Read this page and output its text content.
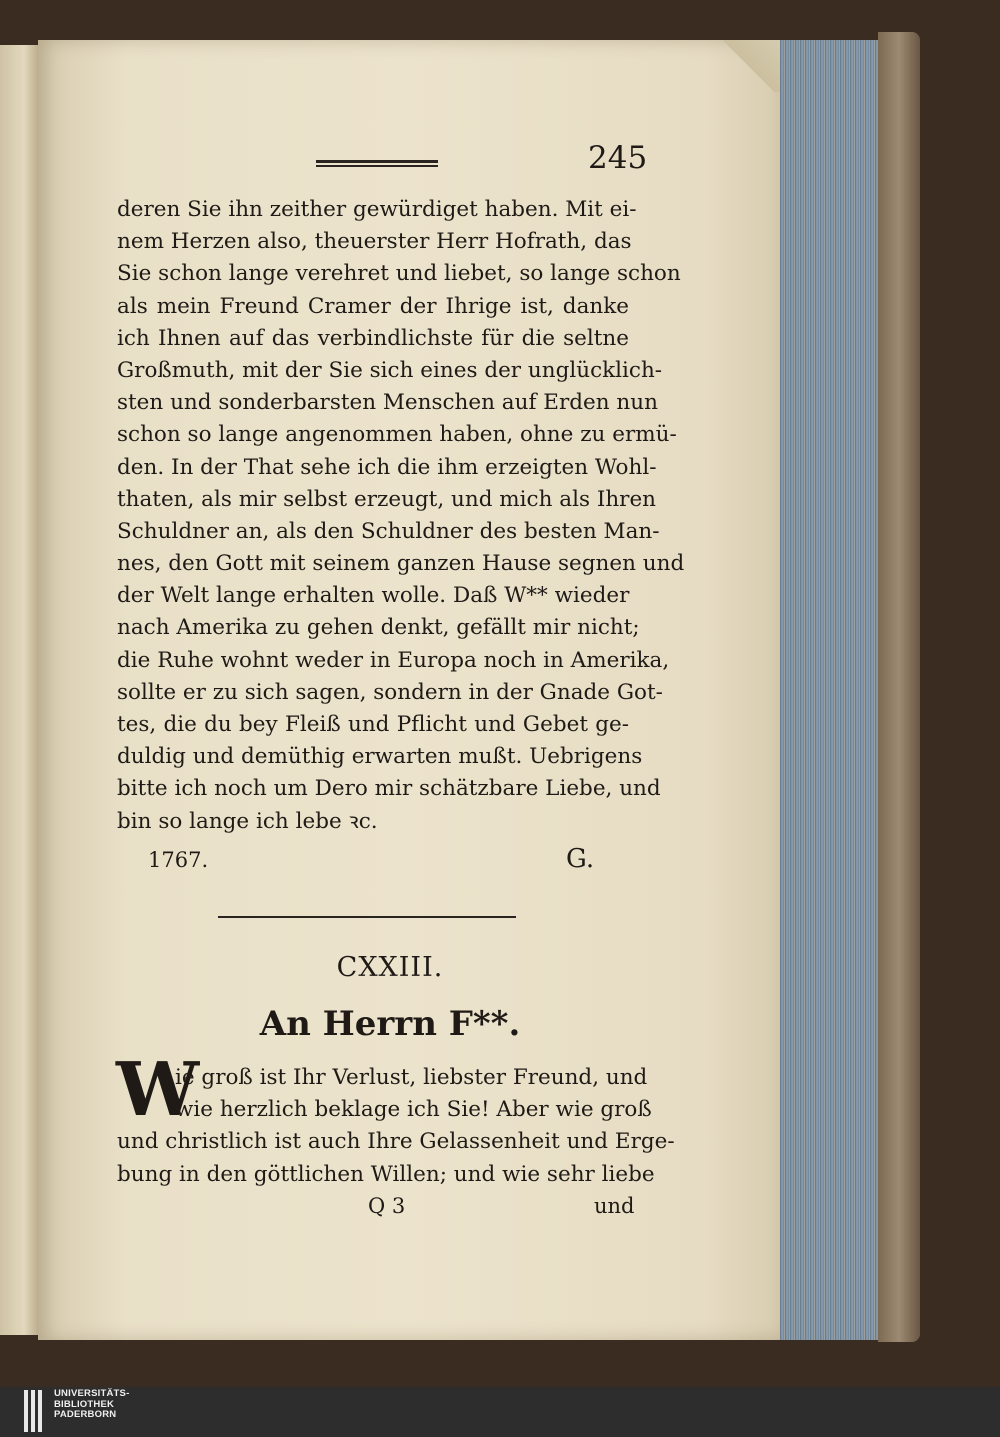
245
deren Sie ihn zeither gewürdiget haben. Mit ei-
nem Herzen also, theuerster Herr Hofrath, das
Sie schon lange verehret und liebet, so lange schon
als mein Freund Cramer der Ihrige ist, danke
ich Ihnen auf das verbindlichste für die seltne
Großmuth, mit der Sie sich eines der unglücklich-
sten und sonderbarsten Menschen auf Erden nun
schon so lange angenommen haben, ohne zu ermü-
den. In der That sehe ich die ihm erzeigten Wohl-
thaten, als mir selbst erzeugt, und mich als Ihren
Schuldner an, als den Schuldner des besten Man-
nes, den Gott mit seinem ganzen Hause segnen und
der Welt lange erhalten wolle. Daß W** wieder
nach Amerika zu gehen denkt, gefällt mir nicht;
die Ruhe wohnt weder in Europa noch in Amerika,
sollte er zu sich sagen, sondern in der Gnade Got-
tes, die du bey Fleiß und Pflicht und Gebet ge-
duldig und demüthig erwarten mußt. Uebrigens
bitte ich noch um Dero mir schätzbare Liebe, und
bin so lange ich lebe ꝛc.
1767.	G.
CXXIII.
An Herrn F**.
W
ie groß ist Ihr Verlust, liebster Freund, und
wie herzlich beklage ich Sie! Aber wie groß
und christlich ist auch Ihre Gelassenheit und Erge-
bung in den göttlichen Willen; und wie sehr liebe
Q 3	und
UNIVERSITÄTS-
BIBLIOTHEK
PADERBORN
